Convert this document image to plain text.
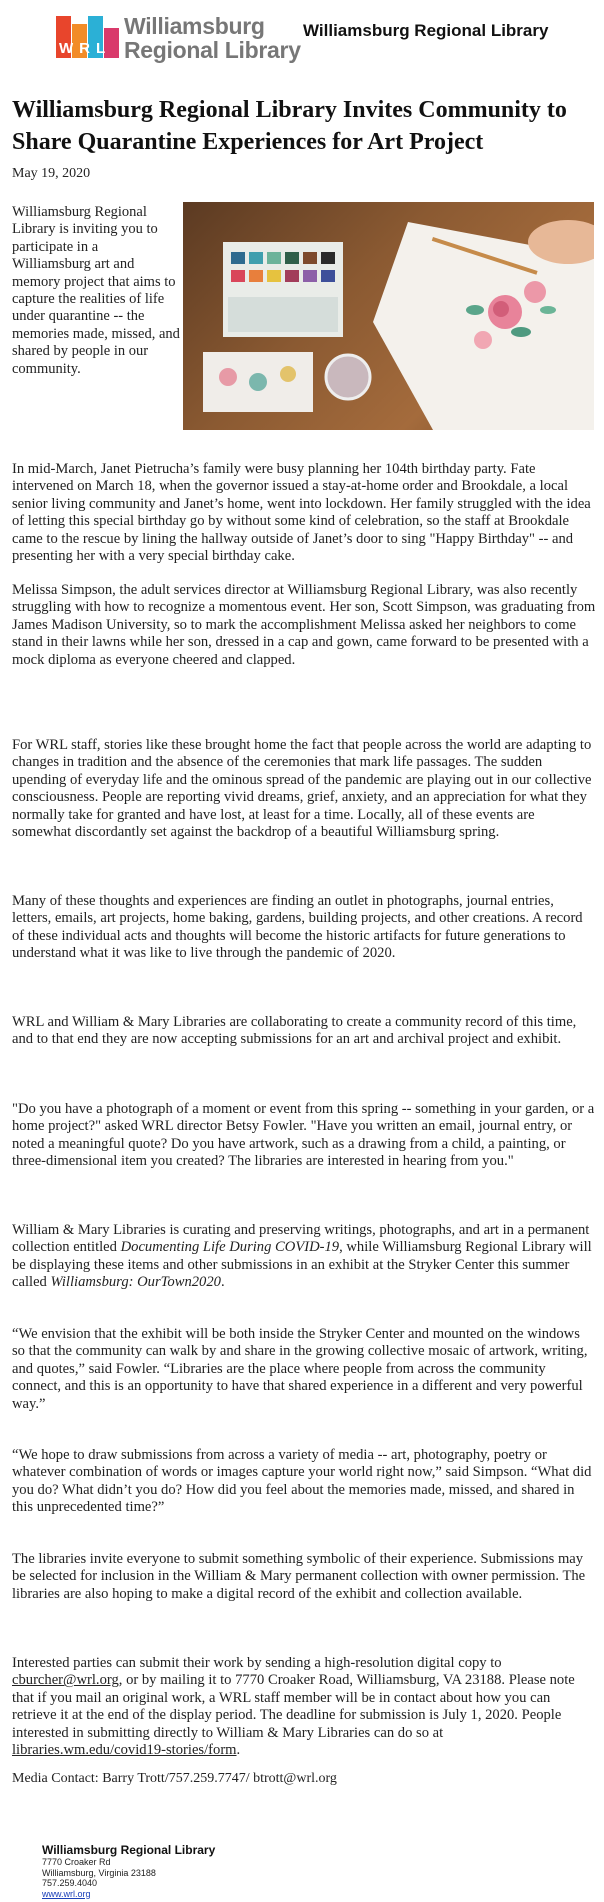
WRL
Williamsburg
Regional Library
Williamsburg Regional Library
Williamsburg Regional Library Invites Community to Share Quarantine Experiences for Art Project
May 19, 2020

Williamsburg Regional Library is inviting you to participate in a Williamsburg art and memory project that aims to capture the realities of life under quarantine -- the memories made, missed, and shared by people in our community.

In mid-March, Janet Pietrucha’s family were busy planning her 104th birthday party. Fate intervened on March 18, when the governor issued a stay-at-home order and Brookdale, a local senior living community and Janet’s home, went into lockdown. Her family struggled with the idea of letting this special birthday go by without some kind of celebration, so the staff at Brookdale came to the rescue by lining the hallway outside of Janet’s door to sing "Happy Birthday" -- and presenting her with a very special birthday cake.

Melissa Simpson, the adult services director at Williamsburg Regional Library, was also recently struggling with how to recognize a momentous event. Her son, Scott Simpson, was graduating from James Madison University, so to mark the accomplishment Melissa asked her neighbors to come stand in their lawns while her son, dressed in a cap and gown, came forward to be presented with a mock diploma as everyone cheered and clapped.

For WRL staff, stories like these brought home the fact that people across the world are adapting to changes in tradition and the absence of the ceremonies that mark life passages. The sudden upending of everyday life and the ominous spread of the pandemic are playing out in our collective consciousness. People are reporting vivid dreams, grief, anxiety, and an appreciation for what they normally take for granted and have lost, at least for a time. Locally, all of these events are somewhat discordantly set against the backdrop of a beautiful Williamsburg spring.

Many of these thoughts and experiences are finding an outlet in photographs, journal entries, letters, emails, art projects, home baking, gardens, building projects, and other creations. A record of these individual acts and thoughts will become the historic artifacts for future generations to understand what it was like to live through the pandemic of 2020.

WRL and William & Mary Libraries are collaborating to create a community record of this time, and to that end they are now accepting submissions for an art and archival project and exhibit.

"Do you have a photograph of a moment or event from this spring -- something in your garden, or a home project?" asked WRL director Betsy Fowler. "Have you written an email, journal entry, or noted a meaningful quote? Do you have artwork, such as a drawing from a child, a painting, or three-dimensional item you created? The libraries are interested in hearing from you."

William & Mary Libraries is curating and preserving writings, photographs, and art in a permanent collection entitled Documenting Life During COVID-19, while Williamsburg Regional Library will be displaying these items and other submissions in an exhibit at the Stryker Center this summer called Williamsburg: OurTown2020.

“We envision that the exhibit will be both inside the Stryker Center and mounted on the windows so that the community can walk by and share in the growing collective mosaic of artwork, writing, and quotes,” said Fowler. “Libraries are the place where people from across the community connect, and this is an opportunity to have that shared experience in a different and very powerful way.”

“We hope to draw submissions from across a variety of media -- art, photography, poetry or whatever combination of words or images capture your world right now,” said Simpson. “What did you do? What didn’t you do? How did you feel about the memories made, missed, and shared in this unprecedented time?”

The libraries invite everyone to submit something symbolic of their experience. Submissions may be selected for inclusion in the William & Mary permanent collection with owner permission. The libraries are also hoping to make a digital record of the exhibit and collection available.

Interested parties can submit their work by sending a high-resolution digital copy to cburcher@wrl.org, or by mailing it to 7770 Croaker Road, Williamsburg, VA 23188. Please note that if you mail an original work, a WRL staff member will be in contact about how you can retrieve it at the end of the display period. The deadline for submission is July 1, 2020. People interested in submitting directly to William & Mary Libraries can do so at libraries.wm.edu/covid19-stories/form.

Media Contact: Barry Trott/757.259.7747/ btrott@wrl.org
Williamsburg Regional Library
7770 Croaker Rd
Williamsburg, Virginia 23188
757.259.4040
www.wrl.org
